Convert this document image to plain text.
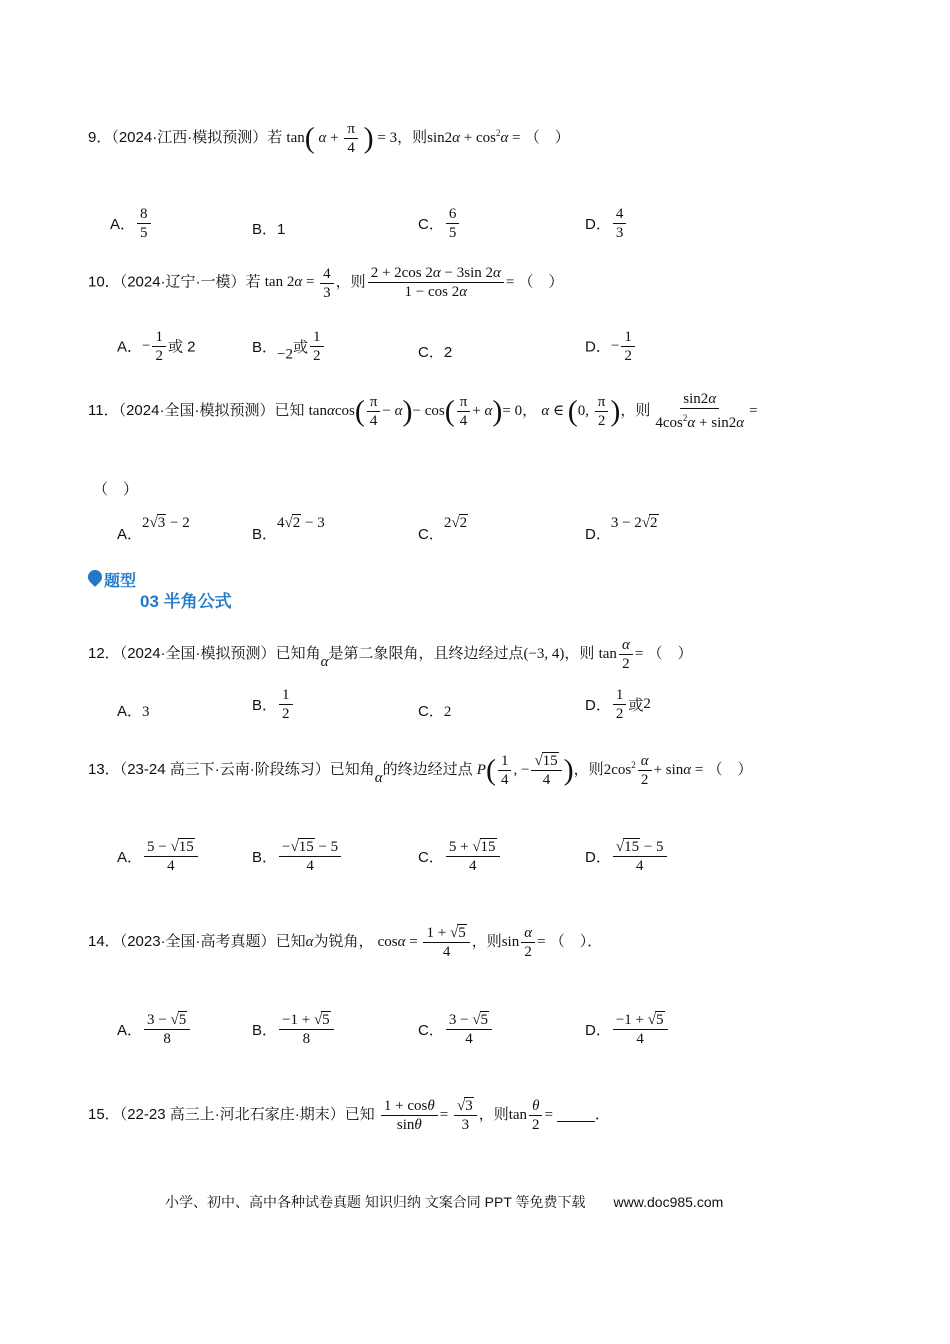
9．（2024·江西·模拟预测）若 tan( $\alpha + \frac{\pi}{4}$ ) = 3，则$\sin 2\alpha + \cos^2\alpha$ = （　）
A． $\frac{8}{5}$	B．1	C． $\frac{6}{5}$	D． $\frac{4}{3}$
10．（2024·辽宁·一模）若 $\tan 2\alpha = \frac{4}{3}$ ，则 $\frac{2 + 2\cos 2\alpha - 3\sin 2\alpha}{1 - \cos 2\alpha}$ = （　）
A．− $\frac{1}{2}$ 或 2	B．−2或 $\frac{1}{2}$	C．2	D．− $\frac{1}{2}$
11．（2024·全国·模拟预测）已知 $\tan\alpha\cos( \frac{\pi}{4} - \alpha)- \cos( \frac{\pi}{4} + \alpha)= 0$， α ∈ (0, $\frac{\pi}{2}$ )，则 $\frac{\sin 2\alpha}{4\cos^2\alpha + \sin 2\alpha}$ =
（　）
A．2√3 − 2
B．4√2 − 3
C．2√2
D．3 − 2√2
题型
03 半角公式
12．（2024·全国·模拟预测）已知角α是第二象限角，且终边经过点(−3, 4)，则 $\tan \frac{\alpha}{2}$ = （　）
A．3	B． $\frac{1}{2}$	C．2	D． $\frac{1}{2}$ 或2
13．（23-24 高三下·云南·阶段练习）已知角α的终边经过点 $P( \frac{1}{4}$ , − $\frac{√15}{4}$ )，则$2\cos^2 \frac{\alpha}{2} + \sin\alpha$ = （　）
A． $\frac{5 - √15}{4}$	B． $\frac{-√15 - 5}{4}$	C． $\frac{5 + √15}{4}$	D． $\frac{√15 - 5}{4}$
14．（2023·全国·高考真题）已知α为锐角， $\cos\alpha = \frac{1 + √5}{4}$ ，则$\sin \frac{\alpha}{2}$ = （　）．
A． $\frac{3 - √5}{8}$	B． $\frac{-1 + √5}{8}$	C． $\frac{3 - √5}{4}$	D． $\frac{-1 + √5}{4}$
15．（22-23 高三上·河北石家庄·期末）已知 $\frac{1 + \cos\theta}{\sin\theta} = \frac{√3}{3}$ ，则$\tan \frac{\theta}{2}$ =	．
小学、初中、高中各种试卷真题 知识归纳 文案合同 PPT 等免费下载 www.doc985.com
